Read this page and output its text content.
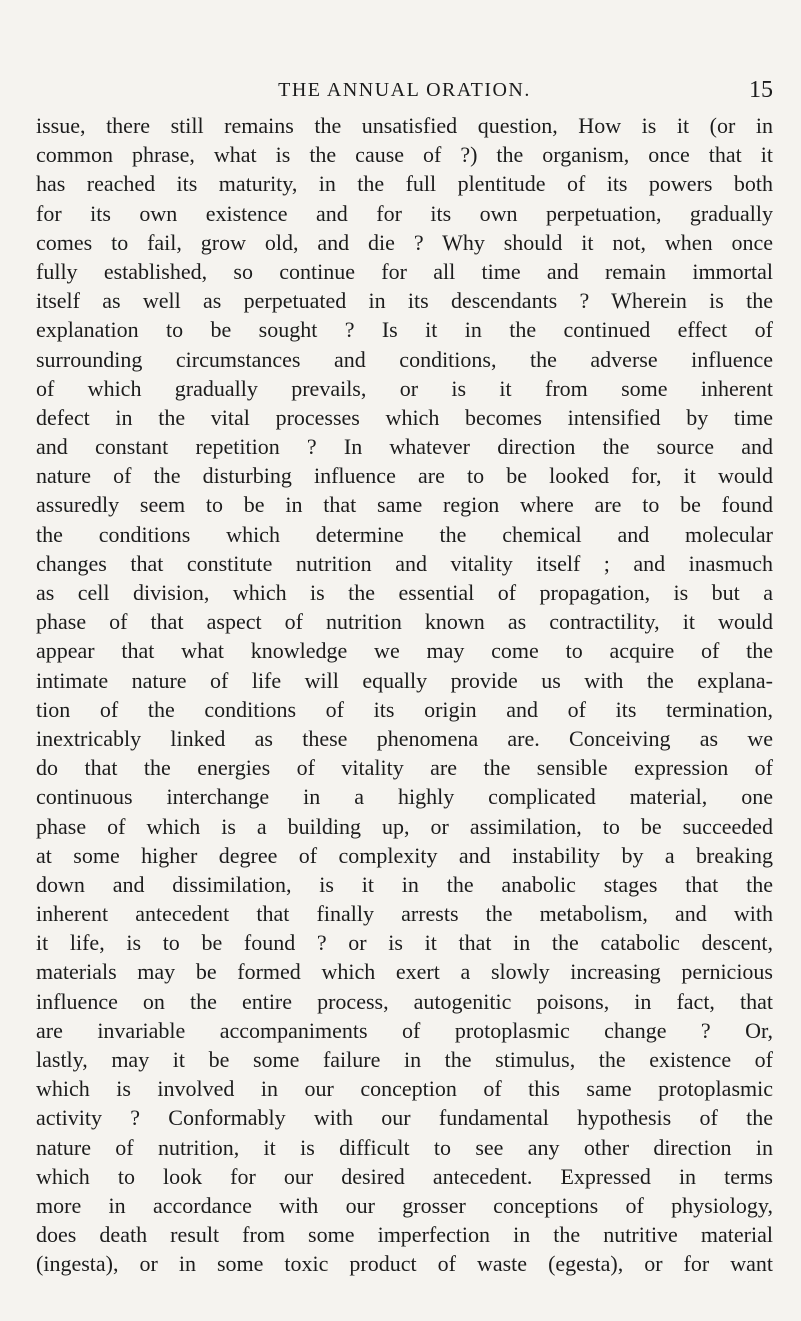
THE ANNUAL ORATION.	15
issue, there still remains the unsatisfied question, How is it (or in
common phrase, what is the cause of ?) the organism, once that it
has reached its maturity, in the full plentitude of its powers both
for its own existence and for its own perpetuation, gradually
comes to fail, grow old, and die ? Why should it not, when once
fully established, so continue for all time and remain immortal
itself as well as perpetuated in its descendants ? Wherein is the
explanation to be sought ? Is it in the continued effect of
surrounding circumstances and conditions, the adverse influence
of which gradually prevails, or is it from some inherent
defect in the vital processes which becomes intensified by time
and constant repetition ? In whatever direction the source and
nature of the disturbing influence are to be looked for, it would
assuredly seem to be in that same region where are to be found
the conditions which determine the chemical and molecular
changes that constitute nutrition and vitality itself ; and inasmuch
as cell division, which is the essential of propagation, is but a
phase of that aspect of nutrition known as contractility, it would
appear that what knowledge we may come to acquire of the
intimate nature of life will equally provide us with the explana-
tion of the conditions of its origin and of its termination,
inextricably linked as these phenomena are. Conceiving as we
do that the energies of vitality are the sensible expression of
continuous interchange in a highly complicated material, one
phase of which is a building up, or assimilation, to be succeeded
at some higher degree of complexity and instability by a breaking
down and dissimilation, is it in the anabolic stages that the
inherent antecedent that finally arrests the metabolism, and with
it life, is to be found ? or is it that in the catabolic descent,
materials may be formed which exert a slowly increasing pernicious
influence on the entire process, autogenitic poisons, in fact, that
are invariable accompaniments of protoplasmic change ? Or,
lastly, may it be some failure in the stimulus, the existence of
which is involved in our conception of this same protoplasmic
activity ? Conformably with our fundamental hypothesis of the
nature of nutrition, it is difficult to see any other direction in
which to look for our desired antecedent. Expressed in terms
more in accordance with our grosser conceptions of physiology,
does death result from some imperfection in the nutritive material
(ingesta), or in some toxic product of waste (egesta), or for want
